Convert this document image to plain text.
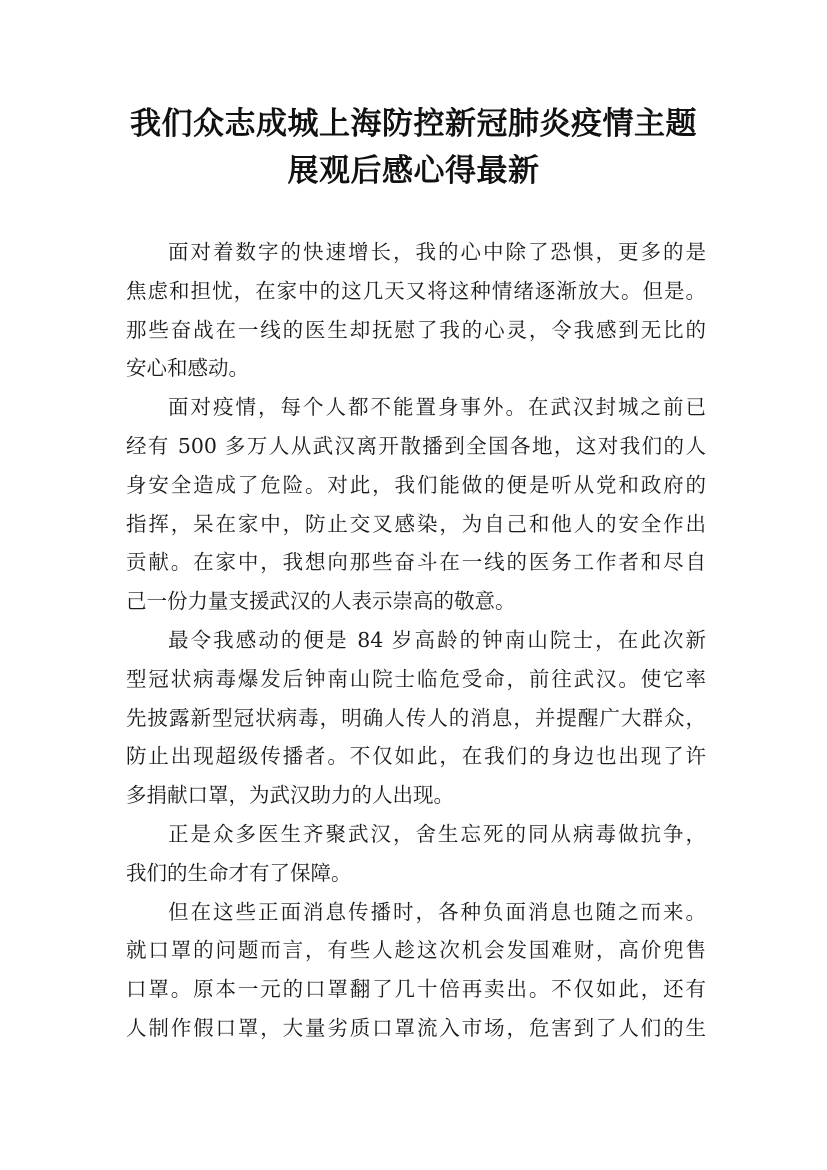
我们众志成城上海防控新冠肺炎疫情主题
展观后感心得最新
面对着数字的快速增长，我的心中除了恐惧，更多的是
焦虑和担忧，在家中的这几天又将这种情绪逐渐放大。但是。
那些奋战在一线的医生却抚慰了我的心灵，令我感到无比的
安心和感动。
面对疫情，每个人都不能置身事外。在武汉封城之前已
经有 500 多万人从武汉离开散播到全国各地，这对我们的人
身安全造成了危险。对此，我们能做的便是听从党和政府的
指挥，呆在家中，防止交叉感染，为自己和他人的安全作出
贡献。在家中，我想向那些奋斗在一线的医务工作者和尽自
己一份力量支援武汉的人表示崇高的敬意。
最令我感动的便是 84 岁高龄的钟南山院士，在此次新
型冠状病毒爆发后钟南山院士临危受命，前往武汉。使它率
先披露新型冠状病毒，明确人传人的消息，并提醒广大群众，
防止出现超级传播者。不仅如此，在我们的身边也出现了许
多捐献口罩，为武汉助力的人出现。
正是众多医生齐聚武汉，舍生忘死的同从病毒做抗争，
我们的生命才有了保障。
但在这些正面消息传播时，各种负面消息也随之而来。
就口罩的问题而言，有些人趁这次机会发国难财，高价兜售
口罩。原本一元的口罩翻了几十倍再卖出。不仅如此，还有
人制作假口罩，大量劣质口罩流入市场，危害到了人们的生
